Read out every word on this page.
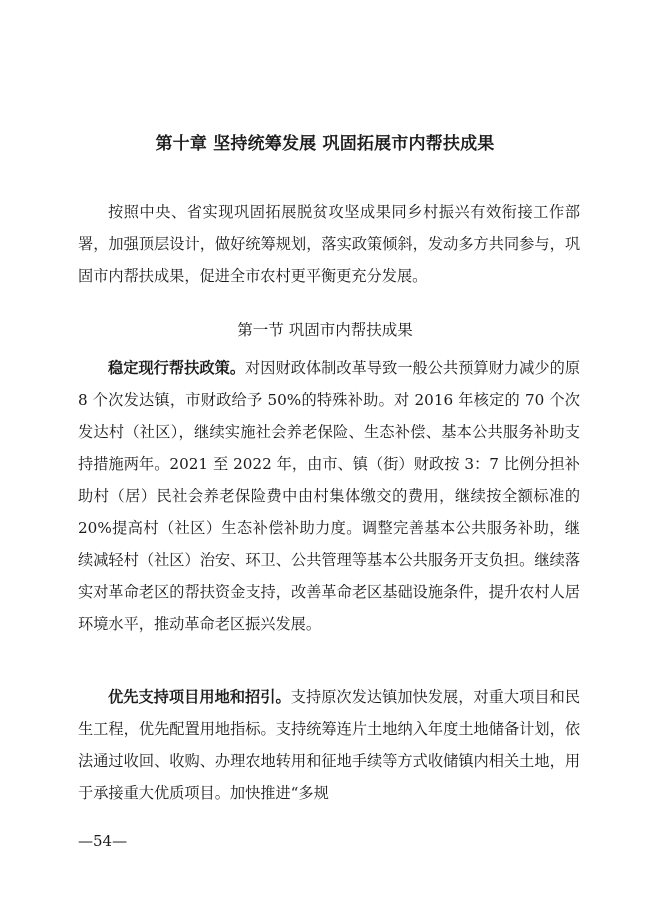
第十章 坚持统筹发展 巩固拓展市内帮扶成果

按照中央、省实现巩固拓展脱贫攻坚成果同乡村振兴有效衔接工作部署，加强顶层设计，做好统筹规划，落实政策倾斜，发动多方共同参与，巩固市内帮扶成果，促进全市农村更平衡更充分发展。

第一节 巩固市内帮扶成果

稳定现行帮扶政策。对因财政体制改革导致一般公共预算财力减少的原 8 个次发达镇，市财政给予 50%的特殊补助。对 2016 年核定的 70 个次发达村（社区），继续实施社会养老保险、生态补偿、基本公共服务补助支持措施两年。2021 至 2022 年，由市、镇（街）财政按 3：7 比例分担补助村（居）民社会养老保险费中由村集体缴交的费用，继续按全额标准的 20%提高村（社区）生态补偿补助力度。调整完善基本公共服务补助，继续减轻村（社区）治安、环卫、公共管理等基本公共服务开支负担。继续落实对革命老区的帮扶资金支持，改善革命老区基础设施条件，提升农村人居环境水平，推动革命老区振兴发展。

优先支持项目用地和招引。支持原次发达镇加快发展，对重大项目和民生工程，优先配置用地指标。支持统筹连片土地纳入年度土地储备计划，依法通过收回、收购、办理农地转用和征地手续等方式收储镇内相关土地，用于承接重大优质项目。加快推进“多规

—54—
